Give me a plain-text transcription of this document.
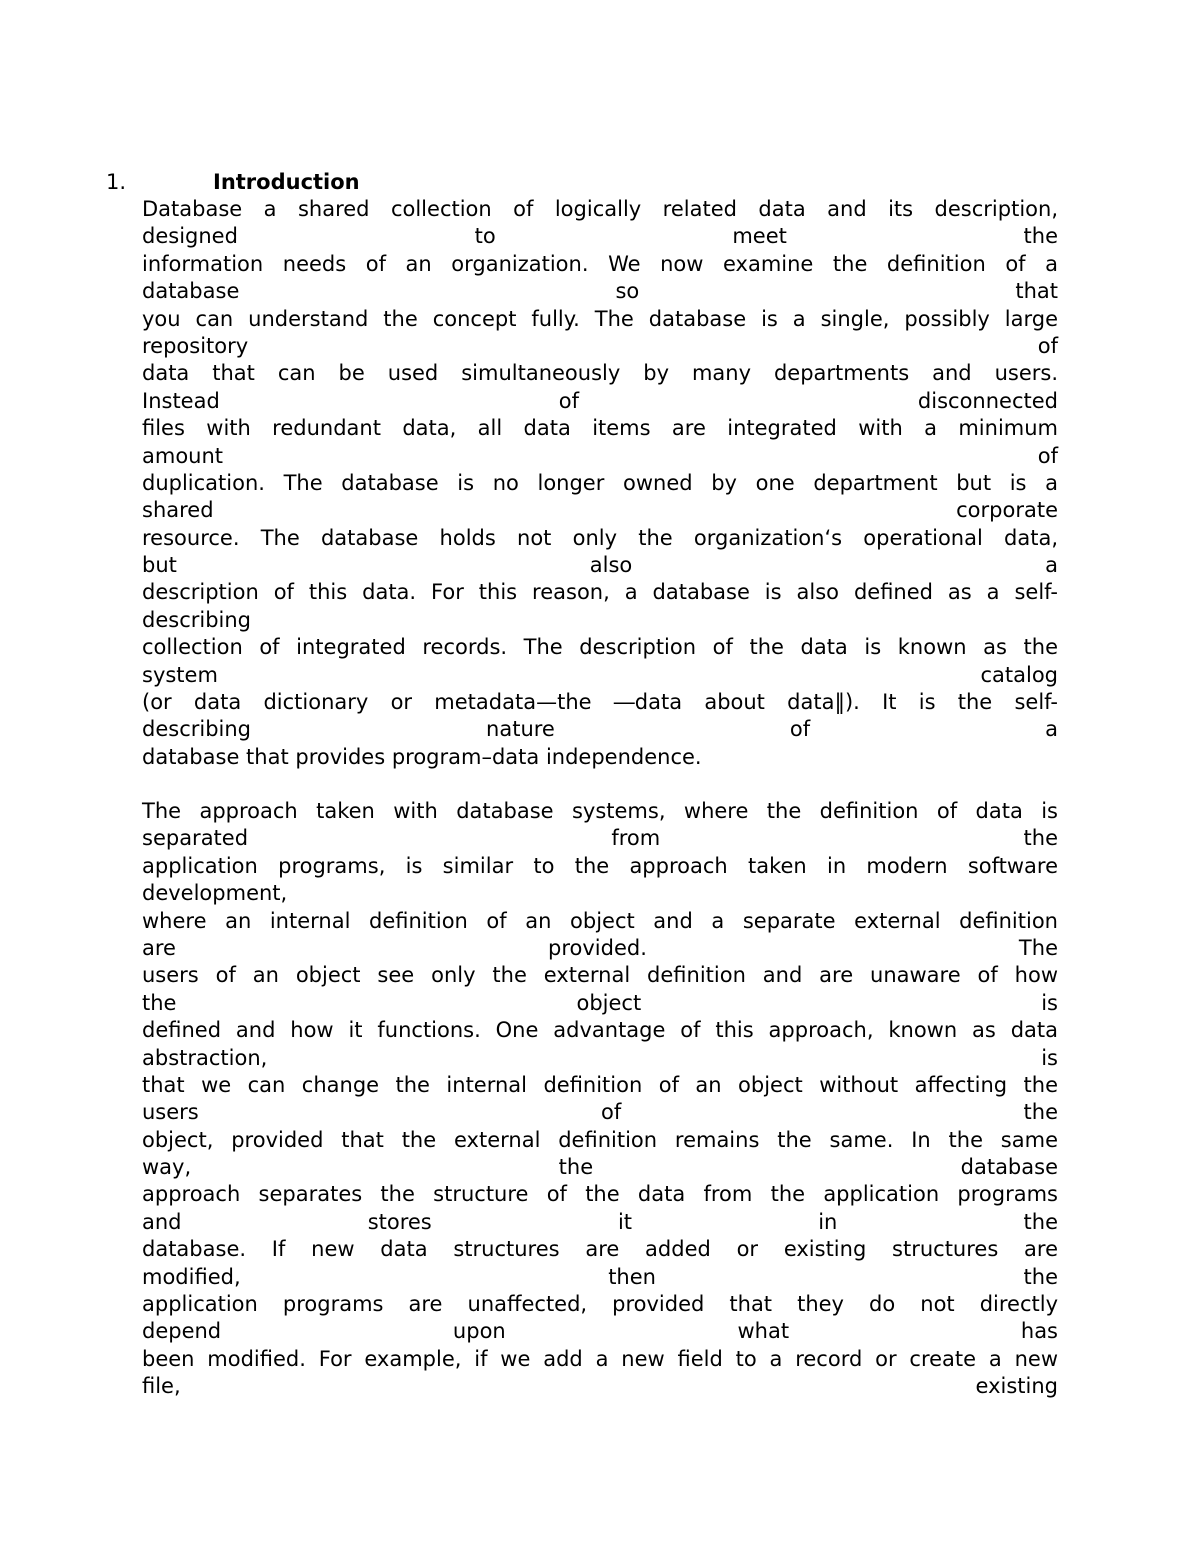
1.	Introduction
Database a shared collection of logically related data and its description,
designed to meet the
information needs of an organization. We now examine the definition of a
database so that
you can understand the concept fully. The database is a single, possibly large
repository of
data that can be used simultaneously by many departments and users.
Instead of disconnected
files with redundant data, all data items are integrated with a minimum
amount of
duplication. The database is no longer owned by one department but is a
shared corporate
resource. The database holds not only the organization‘s operational data,
but also a
description of this data. For this reason, a database is also defined as a self-
describing
collection of integrated records. The description of the data is known as the
system catalog
(or data dictionary or metadata—the ―data about data‖). It is the self-
describing nature of a
database that provides program–data independence.
The approach taken with database systems, where the definition of data is
separated from the
application programs, is similar to the approach taken in modern software
development,
where an internal definition of an object and a separate external definition
are provided. The
users of an object see only the external definition and are unaware of how
the object is
defined and how it functions. One advantage of this approach, known as data
abstraction, is
that we can change the internal definition of an object without affecting the
users of the
object, provided that the external definition remains the same. In the same
way, the database
approach separates the structure of the data from the application programs
and stores it in the
database. If new data structures are added or existing structures are
modified, then the
application programs are unaffected, provided that they do not directly
depend upon what has
been modified. For example, if we add a new field to a record or create a new
file, existing
